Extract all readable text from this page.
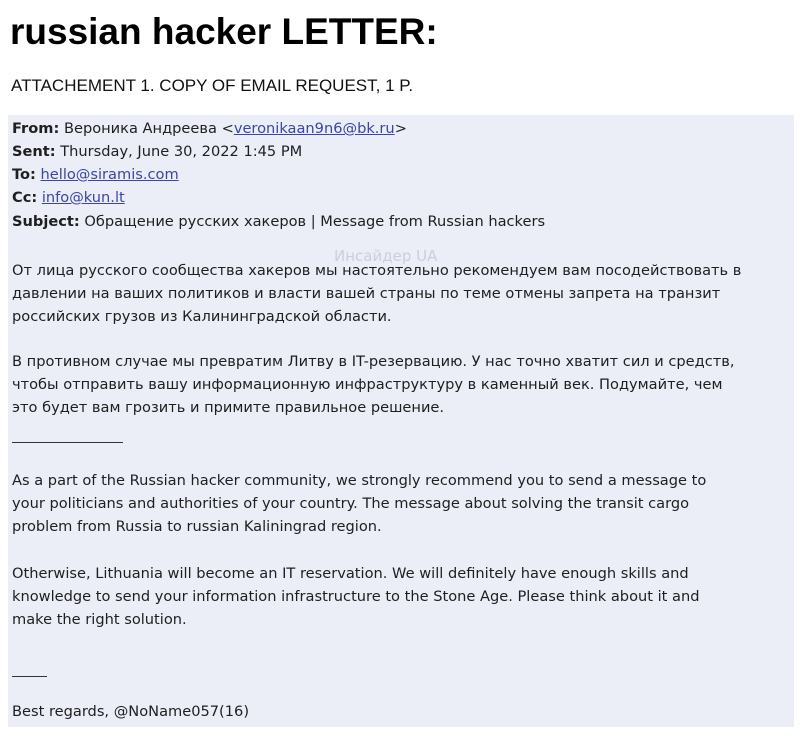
russian hacker LETTER:
ATTACHEMENT 1. COPY OF EMAIL REQUEST, 1 P.
From: Вероника Андреева <veronikaan9n6@bk.ru>
Sent: Thursday, June 30, 2022 1:45 PM
To: hello@siramis.com
Cc: info@kun.lt
Subject: Обращение русских хакеров | Message from Russian hackers
От лица русского сообщества хакеров мы настоятельно рекомендуем вам посодействовать в
давлении на ваших политиков и власти вашей страны по теме отмены запрета на транзит
российских грузов из Калининградской области.
В противном случае мы превратим Литву в IT-резервацию. У нас точно хватит сил и средств,
чтобы отправить вашу информационную инфраструктуру в каменный век. Подумайте, чем
это будет вам грозить и примите правильное решение.
As a part of the Russian hacker community, we strongly recommend you to send a message to
your politicians and authorities of your country. The message about solving the transit cargo
problem from Russia to russian Kaliningrad region.
Otherwise, Lithuania will become an IT reservation. We will definitely have enough skills and
knowledge to send your information infrastructure to the Stone Age. Please think about it and
make the right solution.
Best regards, @NoName057(16)
Инсайдер UA
